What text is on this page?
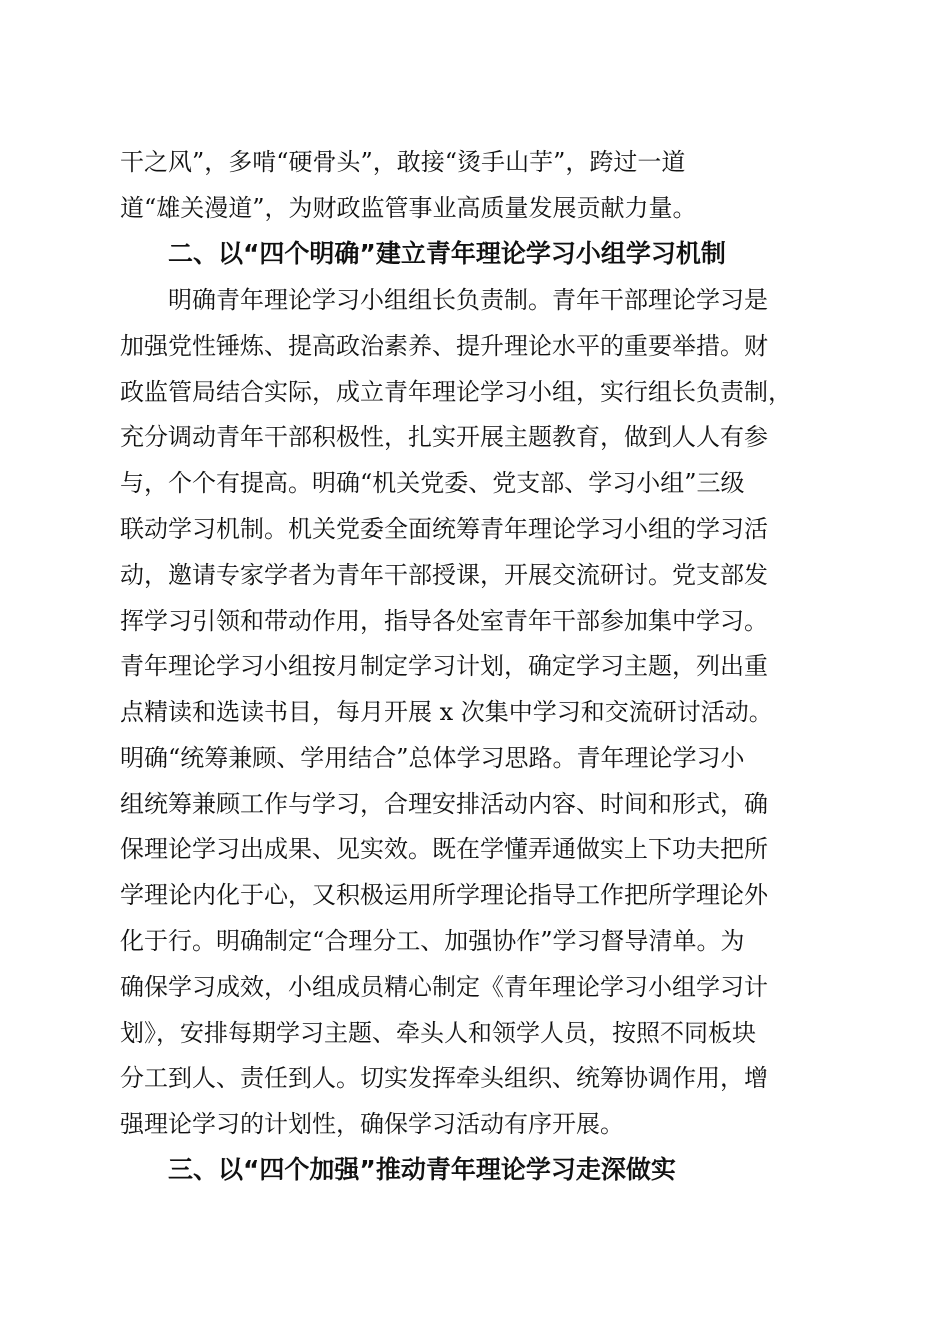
干之风”，多啃“硬骨头”，敢接“烫手山芋”，跨过一道
道“雄关漫道”，为财政监管事业高质量发展贡献力量。
二、以“四个明确”建立青年理论学习小组学习机制
明确青年理论学习小组组长负责制。青年干部理论学习是
加强党性锤炼、提高政治素养、提升理论水平的重要举措。财
政监管局结合实际，成立青年理论学习小组，实行组长负责制，
充分调动青年干部积极性，扎实开展主题教育，做到人人有参
与，个个有提高。明确“机关党委、党支部、学习小组”三级
联动学习机制。机关党委全面统筹青年理论学习小组的学习活
动，邀请专家学者为青年干部授课，开展交流研讨。党支部发
挥学习引领和带动作用，指导各处室青年干部参加集中学习。
青年理论学习小组按月制定学习计划，确定学习主题，列出重
点精读和选读书目，每月开展 x 次集中学习和交流研讨活动。
明确“统筹兼顾、学用结合”总体学习思路。青年理论学习小
组统筹兼顾工作与学习，合理安排活动内容、时间和形式，确
保理论学习出成果、见实效。既在学懂弄通做实上下功夫把所
学理论内化于心，又积极运用所学理论指导工作把所学理论外
化于行。明确制定“合理分工、加强协作”学习督导清单。为
确保学习成效，小组成员精心制定《青年理论学习小组学习计
划》，安排每期学习主题、牵头人和领学人员，按照不同板块
分工到人、责任到人。切实发挥牵头组织、统筹协调作用，增
强理论学习的计划性，确保学习活动有序开展。
三、以“四个加强”推动青年理论学习走深做实
